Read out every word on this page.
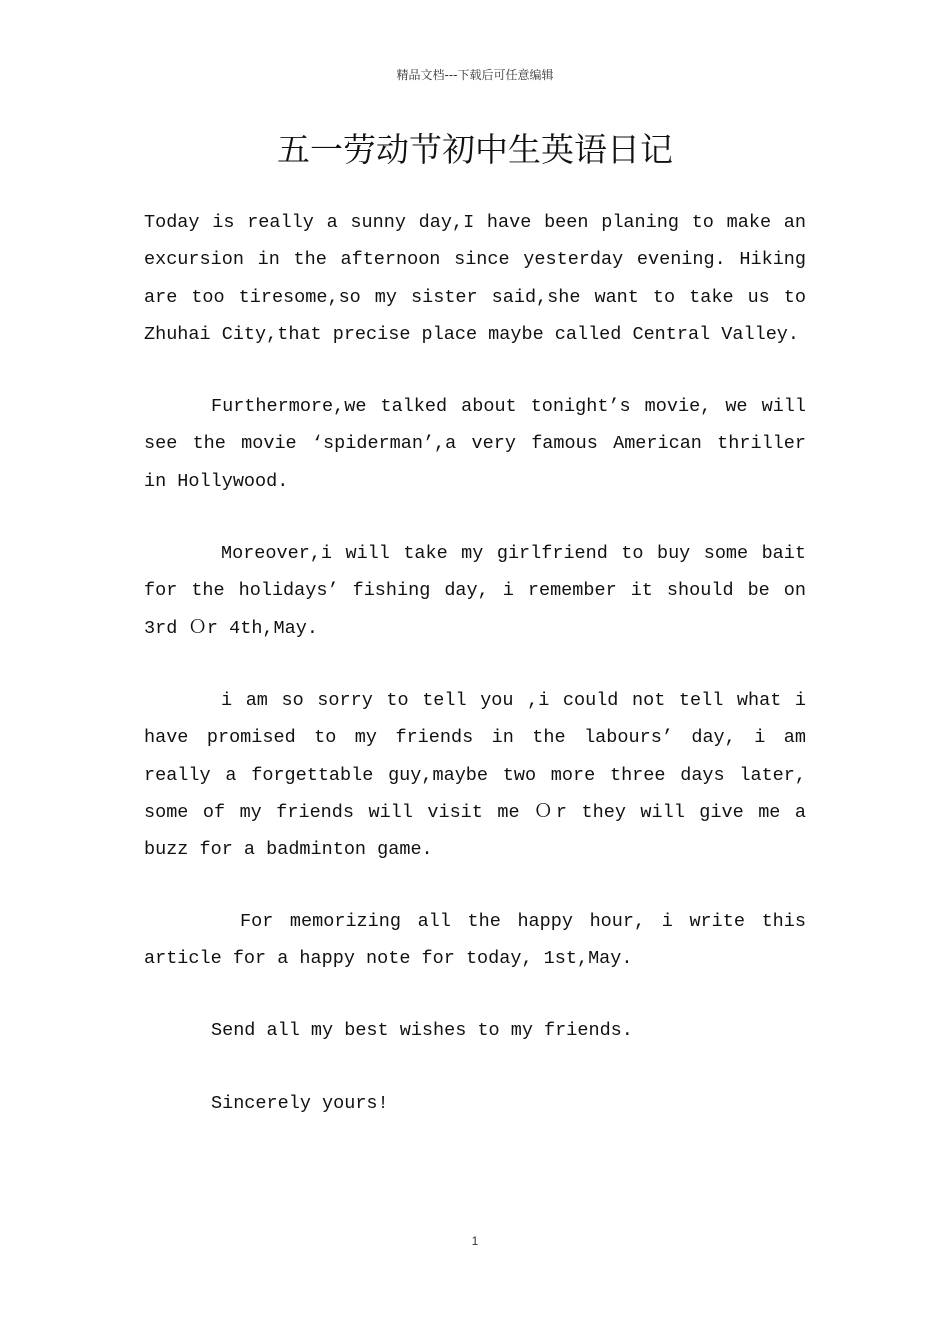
精品文档---下载后可任意编辑
五一劳动节初中生英语日记

Today is really a sunny day,I have been planing to make an excursion in the afternoon since yesterday evening. Hiking are too tiresome,so my sister said,she want to take us to Zhuhai City,that precise place maybe called Central Valley.

Furthermore,we talked about tonight’s movie, we will see the movie ‘spiderman’,a very famous American thriller in Hollywood.

Moreover,i will take my girlfriend to buy some bait for the holidays’ fishing day, i remember it should be on 3rd Ｏr 4th,May.

i am so sorry to tell you ,i could not tell what i have promised to my friends in the labours’ day, i am really a forgettable guy,maybe two more three days later, some of my friends will visit me Ｏr they will give me a buzz for a badminton game.

For memorizing all the happy hour, i write this article for a happy note for today, 1st,May.

Send all my best wishes to my friends.

Sincerely yours!

1
